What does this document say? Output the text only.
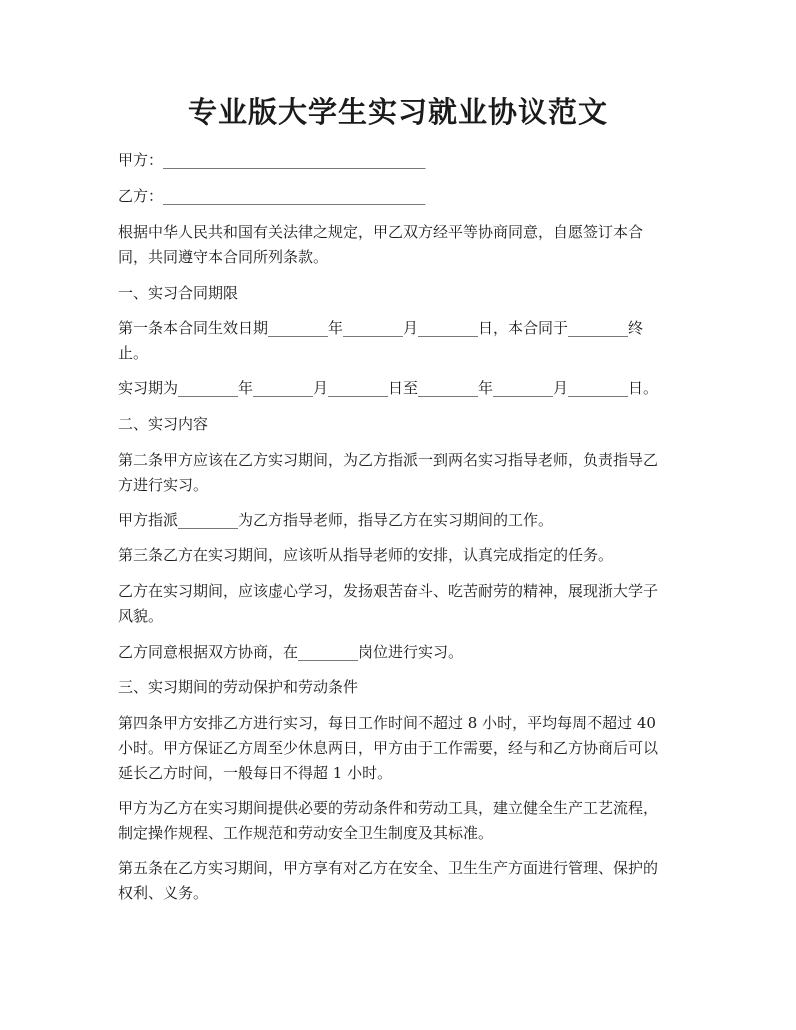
专业版大学生实习就业协议范文

甲方：___________________________________

乙方：___________________________________

根据中华人民共和国有关法律之规定，甲乙双方经平等协商同意，自愿签订本合
同，共同遵守本合同所列条款。

一、实习合同期限

第一条本合同生效日期________年________月________日，本合同于________终
止。

实习期为________年________月________日至________年________月________日。

二、实习内容

第二条甲方应该在乙方实习期间，为乙方指派一到两名实习指导老师，负责指导乙
方进行实习。

甲方指派________为乙方指导老师，指导乙方在实习期间的工作。

第三条乙方在实习期间，应该听从指导老师的安排，认真完成指定的任务。

乙方在实习期间，应该虚心学习，发扬艰苦奋斗、吃苦耐劳的精神，展现浙大学子
风貌。

乙方同意根据双方协商，在________岗位进行实习。

三、实习期间的劳动保护和劳动条件

第四条甲方安排乙方进行实习，每日工作时间不超过 8 小时，平均每周不超过 40
小时。甲方保证乙方周至少休息两日，甲方由于工作需要，经与和乙方协商后可以
延长乙方时间，一般每日不得超 1 小时。

甲方为乙方在实习期间提供必要的劳动条件和劳动工具，建立健全生产工艺流程，
制定操作规程、工作规范和劳动安全卫生制度及其标准。

第五条在乙方实习期间，甲方享有对乙方在安全、卫生生产方面进行管理、保护的
权利、义务。
